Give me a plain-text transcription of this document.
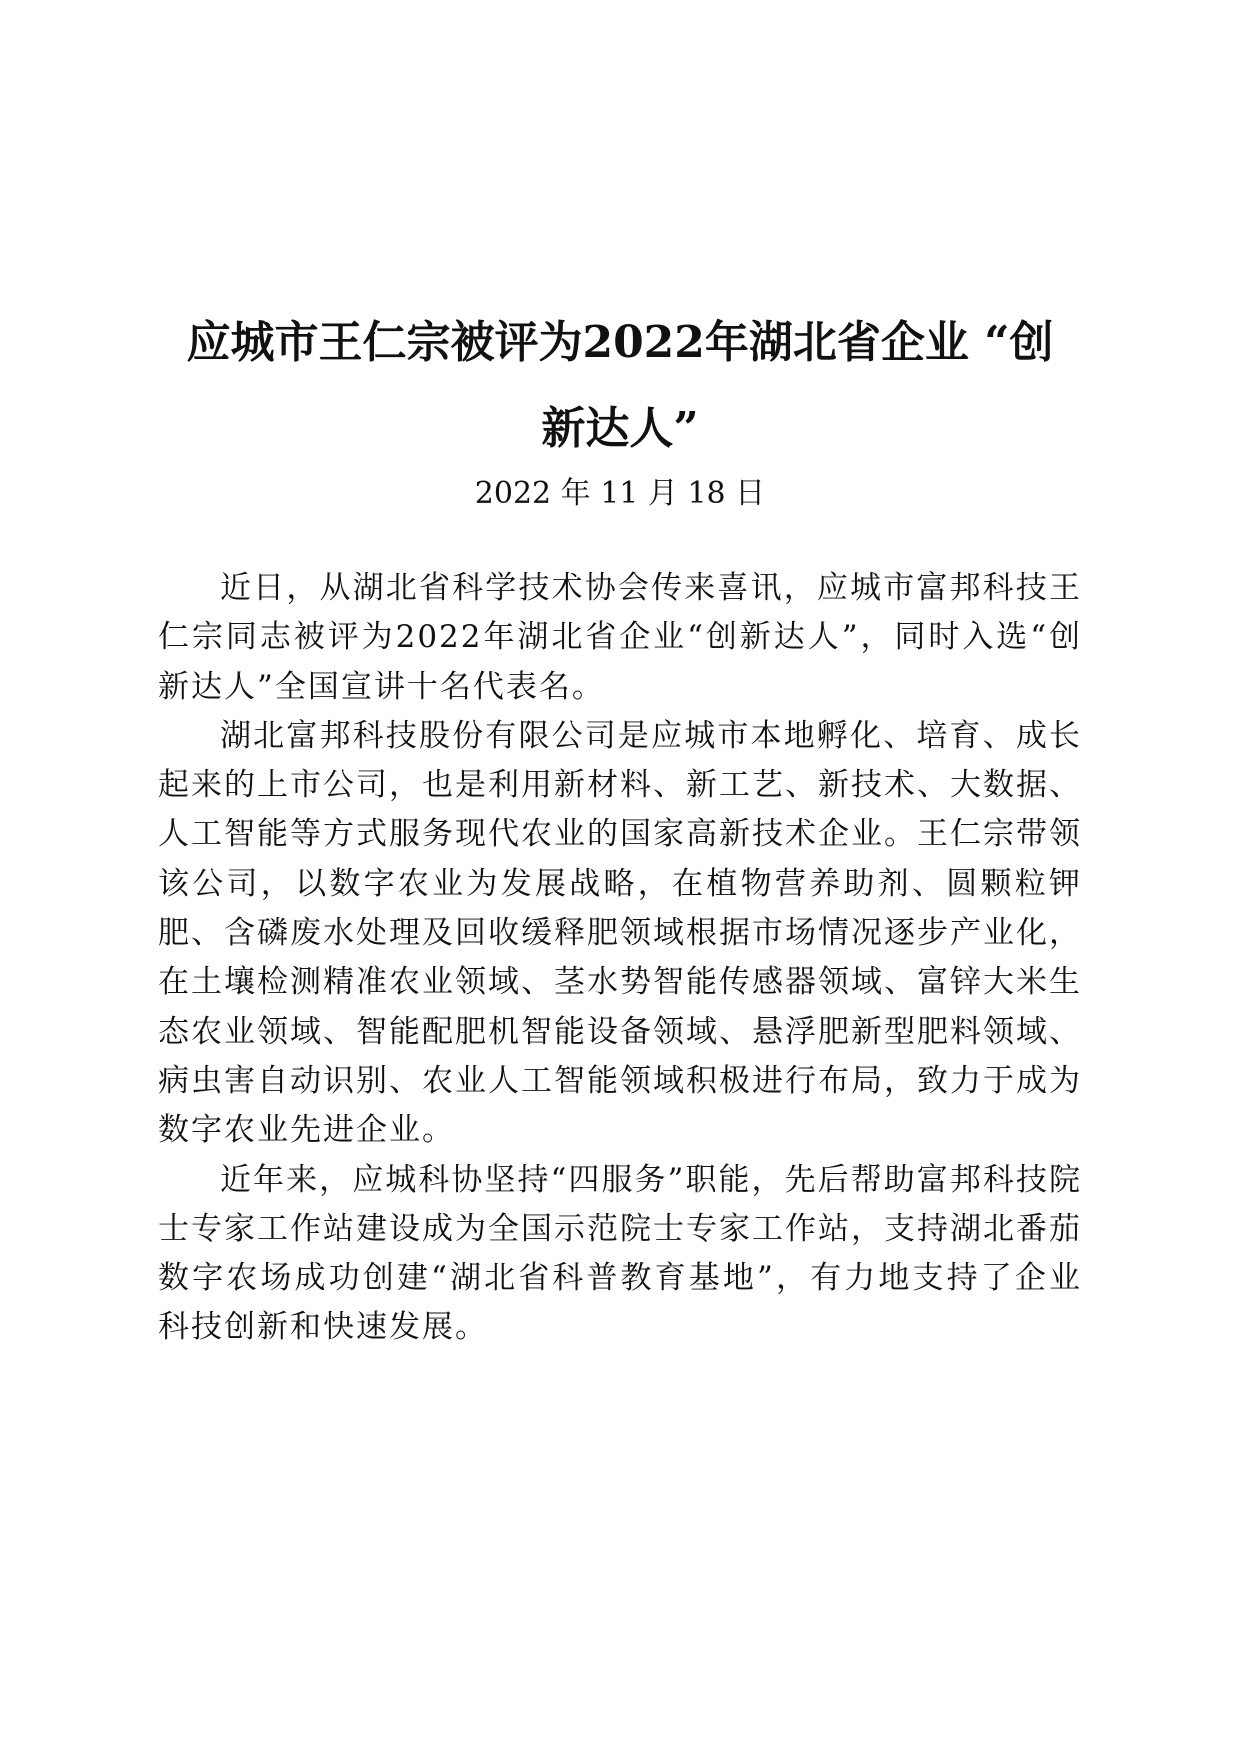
应城市王仁宗被评为2022年湖北省企业 “创
新达人”
2022 年 11 月 18 日

近日，从湖北省科学技术协会传来喜讯，应城市富邦科技王仁宗同志被评为2022年湖北省企业“创新达人”，同时入选“创新达人”全国宣讲十名代表名。

湖北富邦科技股份有限公司是应城市本地孵化、培育、成长起来的上市公司，也是利用新材料、新工艺、新技术、大数据、人工智能等方式服务现代农业的国家高新技术企业。王仁宗带领该公司，以数字农业为发展战略，在植物营养助剂、圆颗粒钾肥、含磷废水处理及回收缓释肥领域根据市场情况逐步产业化，在土壤检测精准农业领域、茎水势智能传感器领域、富锌大米生态农业领域、智能配肥机智能设备领域、悬浮肥新型肥料领域、病虫害自动识别、农业人工智能领域积极进行布局，致力于成为数字农业先进企业。

近年来，应城科协坚持“四服务”职能，先后帮助富邦科技院士专家工作站建设成为全国示范院士专家工作站，支持湖北番茄数字农场成功创建“湖北省科普教育基地”，有力地支持了企业科技创新和快速发展。
